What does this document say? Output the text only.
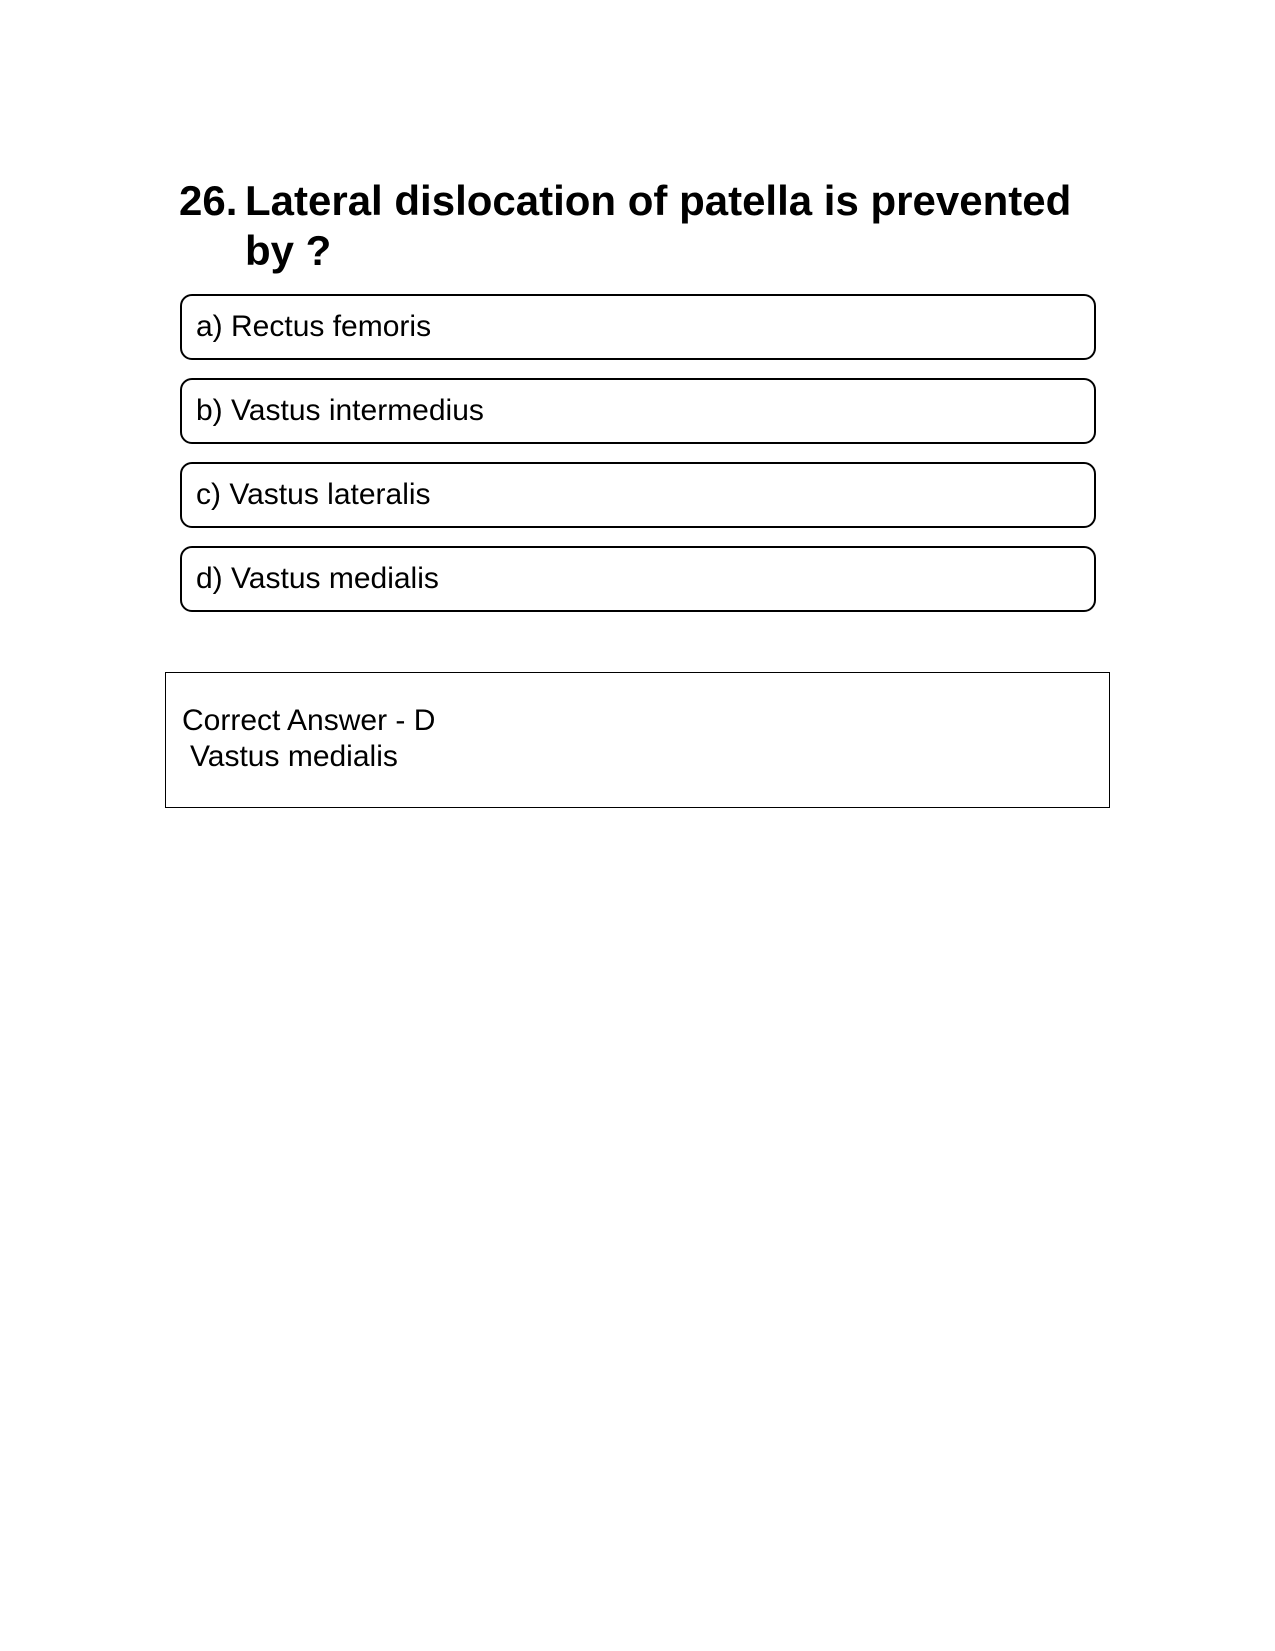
26. Lateral dislocation of patella is prevented by ?
a) Rectus femoris
b) Vastus intermedius
c) Vastus lateralis
d) Vastus medialis
Correct Answer - D
Vastus medialis
